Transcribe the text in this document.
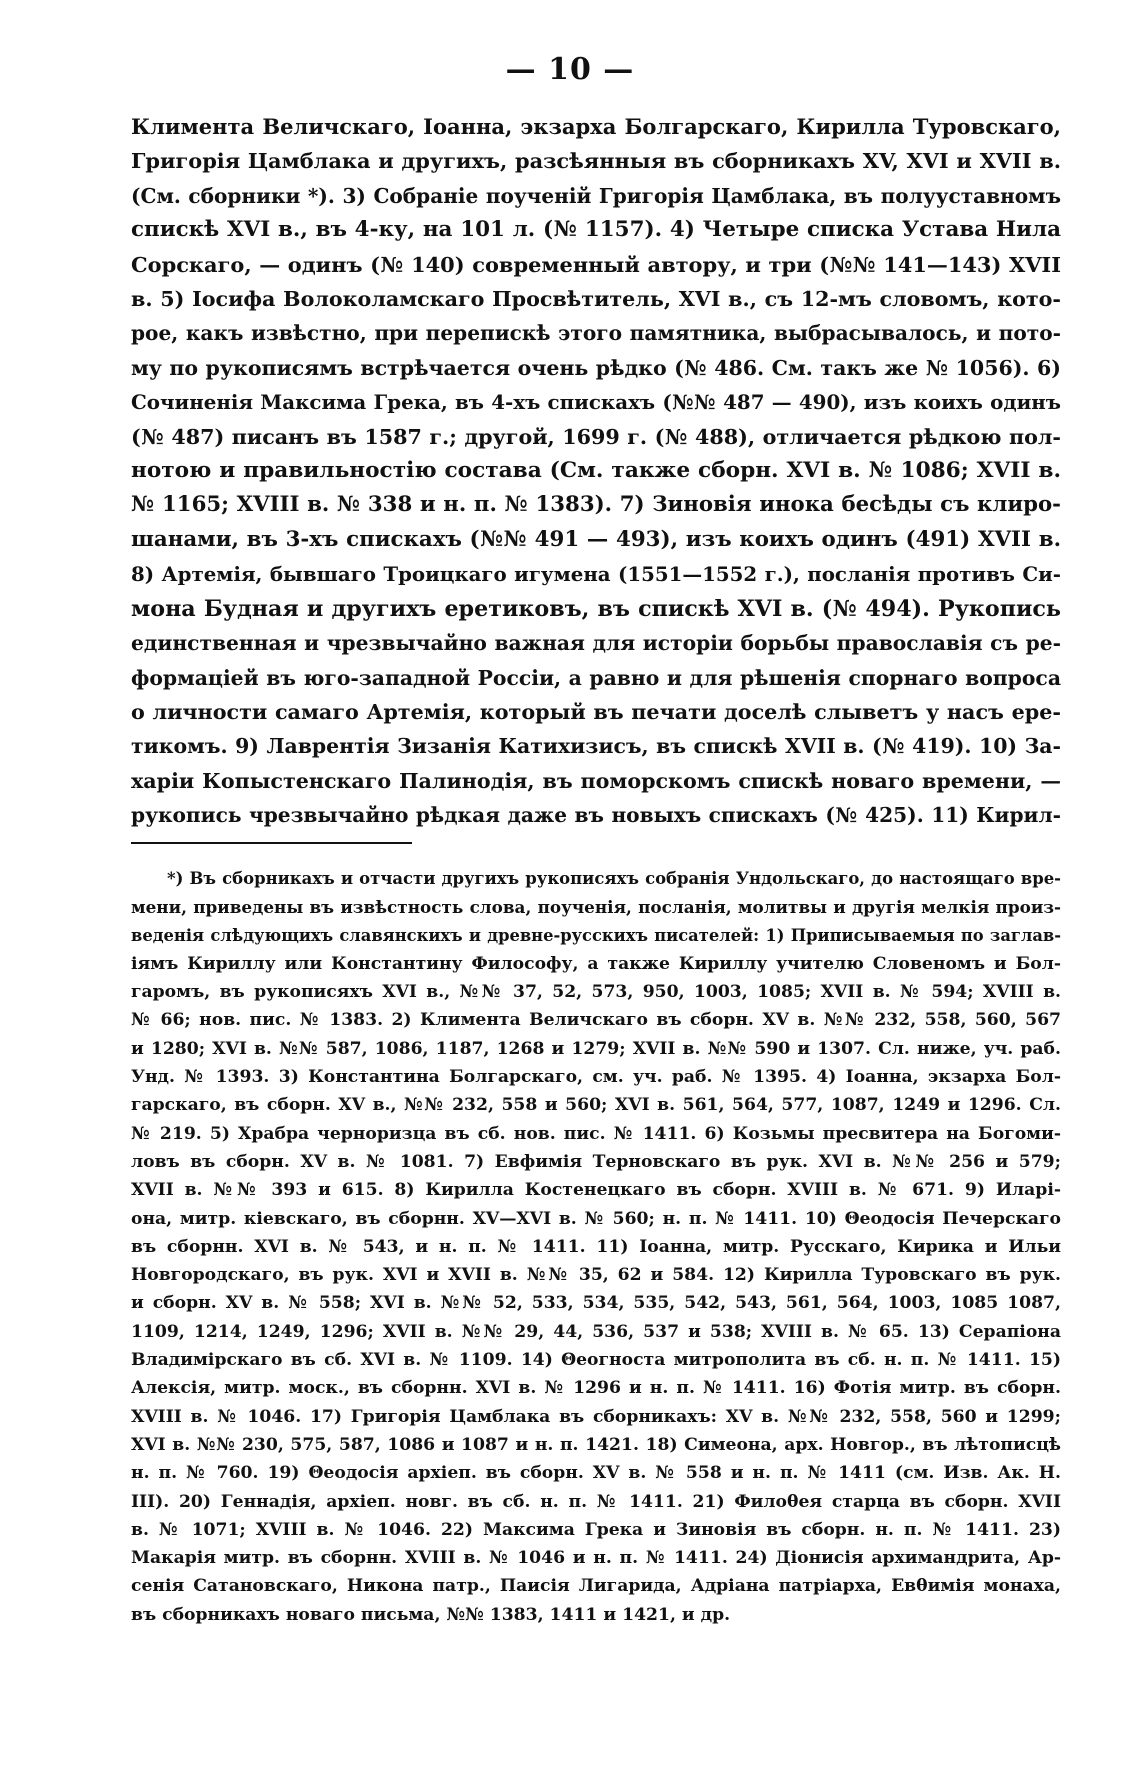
— 10 —
Климента Величскаго, Іоанна, экзарха Болгарскаго, Кирилла Туровскаго,
Григорія Цамблака и другихъ, разсѣянныя въ сборникахъ XV, XVI и XVII в.
(См. сборники *). 3) Собраніе поученій Григорія Цамблака, въ полууставномъ
спискѣ XVI в., въ 4-ку, на 101 л. (№ 1157). 4) Четыре списка Устава Нила
Сорскаго, — одинъ (№ 140) современный автору, и три (№№ 141—143) XVII
в. 5) Іосифа Волоколамскаго Просвѣтитель, XVI в., съ 12-мъ словомъ, кото-
рое, какъ извѣстно, при перепискѣ этого памятника, выбрасывалось, и пото-
му по рукописямъ встрѣчается очень рѣдко (№ 486. См. такъ же № 1056). 6)
Сочиненія Максима Грека, въ 4-хъ спискахъ (№№ 487 — 490), изъ коихъ одинъ
(№ 487) писанъ въ 1587 г.; другой, 1699 г. (№ 488), отличается рѣдкою пол-
нотою и правильностію состава (См. также сборн. XVI в. № 1086; XVII в.
№ 1165; XVIII в. № 338 и н. п. № 1383). 7) Зиновія инока бесѣды съ клиро-
шанами, въ 3-хъ спискахъ (№№ 491 — 493), изъ коихъ одинъ (491) XVII в.
8) Артемія, бывшаго Троицкаго игумена (1551—1552 г.), посланія противъ Си-
мона Будная и другихъ еретиковъ, въ спискѣ XVI в. (№ 494). Рукопись
единственная и чрезвычайно важная для исторіи борьбы православія съ ре-
формаціей въ юго-западной Россіи, а равно и для рѣшенія спорнаго вопроса
о личности самаго Артемія, который въ печати доселѣ слыветъ у насъ ере-
тикомъ. 9) Лаврентія Зизанія Катихизисъ, въ спискѣ XVII в. (№ 419). 10) За-
харіи Копыстенскаго Палинодія, въ поморскомъ спискѣ новаго времени, —
рукопись чрезвычайно рѣдкая даже въ новыхъ спискахъ (№ 425). 11) Кирил-
*) Въ сборникахъ и отчасти другихъ рукописяхъ собранія Ундольскаго, до настоящаго вре-
мени, приведены въ извѣстность слова, поученія, посланія, молитвы и другія мелкія произ-
веденія слѣдующихъ славянскихъ и древне-русскихъ писателей: 1) Приписываемыя по заглав-
іямъ Кириллу или Константину Философу, а также Кириллу учителю Словеномъ и Бол-
гаромъ, въ рукописяхъ XVI в., №№ 37, 52, 573, 950, 1003, 1085; XVII в. № 594; XVIII в.
№ 66; нов. пис. № 1383. 2) Климента Величскаго въ сборн. XV в. №№ 232, 558, 560, 567
и 1280; XVI в. №№ 587, 1086, 1187, 1268 и 1279; XVII в. №№ 590 и 1307. Сл. ниже, уч. раб.
Унд. № 1393. 3) Константина Болгарскаго, см. уч. раб. № 1395. 4) Іоанна, экзарха Бол-
гарскаго, въ сборн. XV в., №№ 232, 558 и 560; XVI в. 561, 564, 577, 1087, 1249 и 1296. Сл.
№ 219. 5) Храбра черноризца въ сб. нов. пис. № 1411. 6) Козьмы пресвитера на Богоми-
ловъ въ сборн. XV в. № 1081. 7) Евфимія Терновскаго въ рук. XVI в. №№ 256 и 579;
XVII в. №№ 393 и 615. 8) Кирилла Костенецкаго въ сборн. XVIII в. № 671. 9) Иларі-
она, митр. кіевскаго, въ сборнн. XV—XVI в. № 560; н. п. № 1411. 10) Θеодосія Печерскаго
въ сборнн. XVI в. № 543, и н. п. № 1411. 11) Іоанна, митр. Русскаго, Кирика и Ильи
Новгородскаго, въ рук. XVI и XVII в. №№ 35, 62 и 584. 12) Кирилла Туровскаго въ рук.
и сборн. XV в. № 558; XVI в. №№ 52, 533, 534, 535, 542, 543, 561, 564, 1003, 1085 1087,
1109, 1214, 1249, 1296; XVII в. №№ 29, 44, 536, 537 и 538; XVIII в. № 65. 13) Серапіона
Владимірскаго въ сб. XVI в. № 1109. 14) Θеогноста митрополита въ сб. н. п. № 1411. 15)
Алексія, митр. моск., въ сборнн. XVI в. № 1296 и н. п. № 1411. 16) Фотія митр. въ сборн.
XVIII в. № 1046. 17) Григорія Цамблака въ сборникахъ: XV в. №№ 232, 558, 560 и 1299;
XVI в. №№ 230, 575, 587, 1086 и 1087 и н. п. 1421. 18) Симеона, арх. Новгор., въ лѣтописцѣ
н. п. № 760. 19) Θеодосія архіеп. въ сборн. XV в. № 558 и н. п. № 1411 (см. Изв. Ак. Н.
III). 20) Геннадія, архіеп. новг. въ сб. н. п. № 1411. 21) Филоθея старца въ сборн. XVII
в. № 1071; XVIII в. № 1046. 22) Максима Грека и Зиновія въ сборн. н. п. № 1411. 23)
Макарія митр. въ сборнн. XVIII в. № 1046 и н. п. № 1411. 24) Діонисія архимандрита, Ар-
сенія Сатановскаго, Никона патр., Паисія Лигарида, Адріана патріарха, Евθимія монаха,
въ сборникахъ новаго письма, №№ 1383, 1411 и 1421, и др.
